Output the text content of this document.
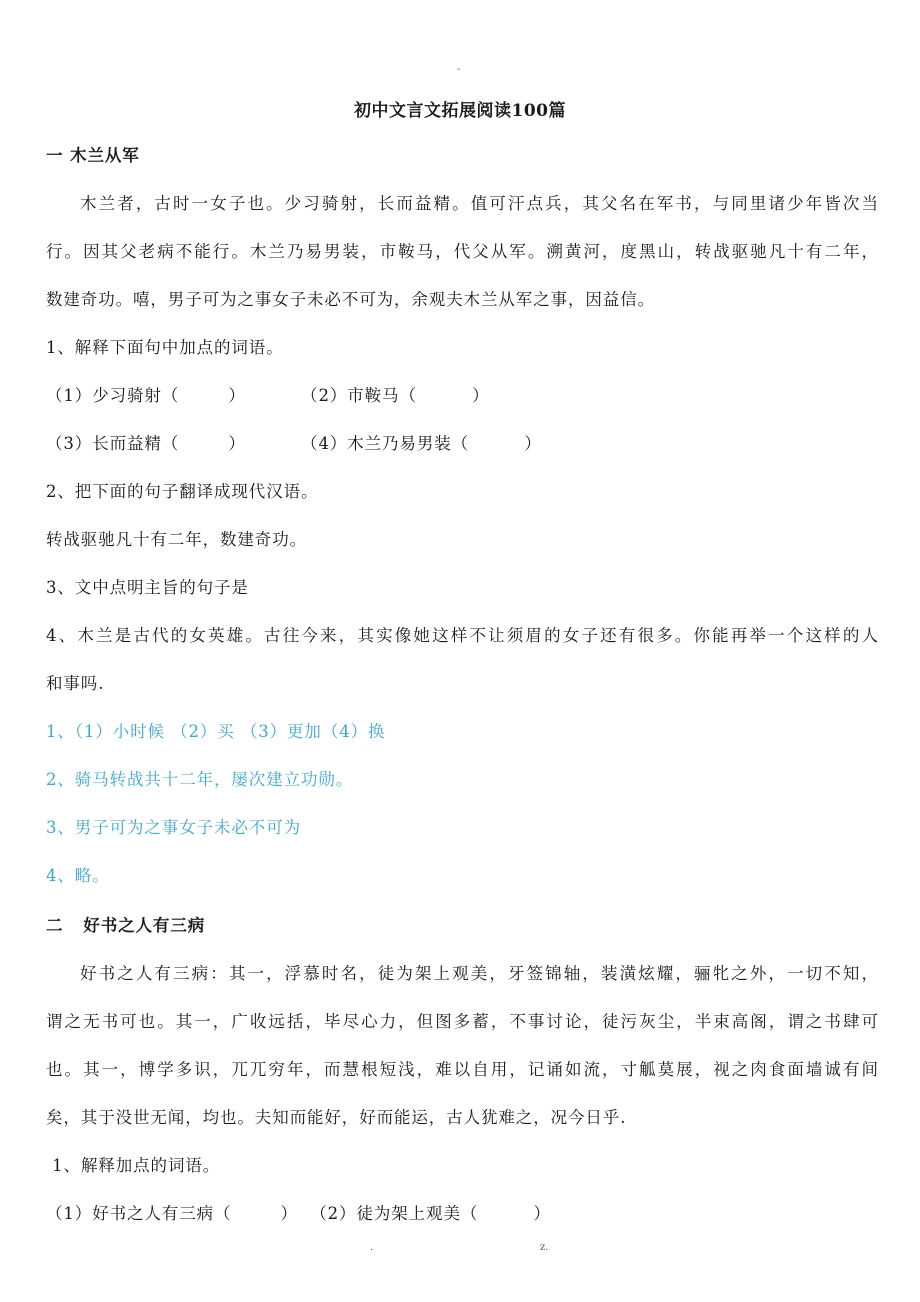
-
初中文言文拓展阅读100篇
一 木兰从军
木兰者，古时一女子也。少习骑射，长而益精。值可汗点兵，其父名在军书，与同里诸少年皆次当
行。因其父老病不能行。木兰乃易男装，市鞍马，代父从军。溯黄河，度黑山，转战驱驰凡十有二年，
数建奇功。嘻，男子可为之事女子未必不可为，余观夫木兰从军之事，因益信。
1、解释下面句中加点的词语。
（1）少习骑射（        ）         （2）市鞍马（         ）
（3）长而益精（        ）         （4）木兰乃易男装（         ）
2、把下面的句子翻译成现代汉语。
转战驱驰凡十有二年，数建奇功。
3、文中点明主旨的句子是
4、木兰是古代的女英雄。古往今来，其实像她这样不让须眉的女子还有很多。你能再举一个这样的人
和事吗.
1、（1）小时候 （2）买 （3）更加（4）换
2、骑马转战共十二年，屡次建立功勋。
3、男子可为之事女子未必不可为
4、略。
二   好书之人有三病
好书之人有三病：其一，浮慕时名，徒为架上观美，牙签锦轴，装潢炫耀，骊牝之外，一切不知，
谓之无书可也。其一，广收远括，毕尽心力，但图多蓄，不事讨论，徒污灰尘，半束高阁，谓之书肆可
也。其一，博学多识，兀兀穷年，而慧根短浅，难以自用，记诵如流，寸觚莫展，视之肉食面墙诚有间
矣，其于没世无闻，均也。夫知而能好，好而能运，古人犹难之，况今日乎.
1、解释加点的词语。
（1）好书之人有三病（        ）  （2）徒为架上观美（         ）
.	z.
